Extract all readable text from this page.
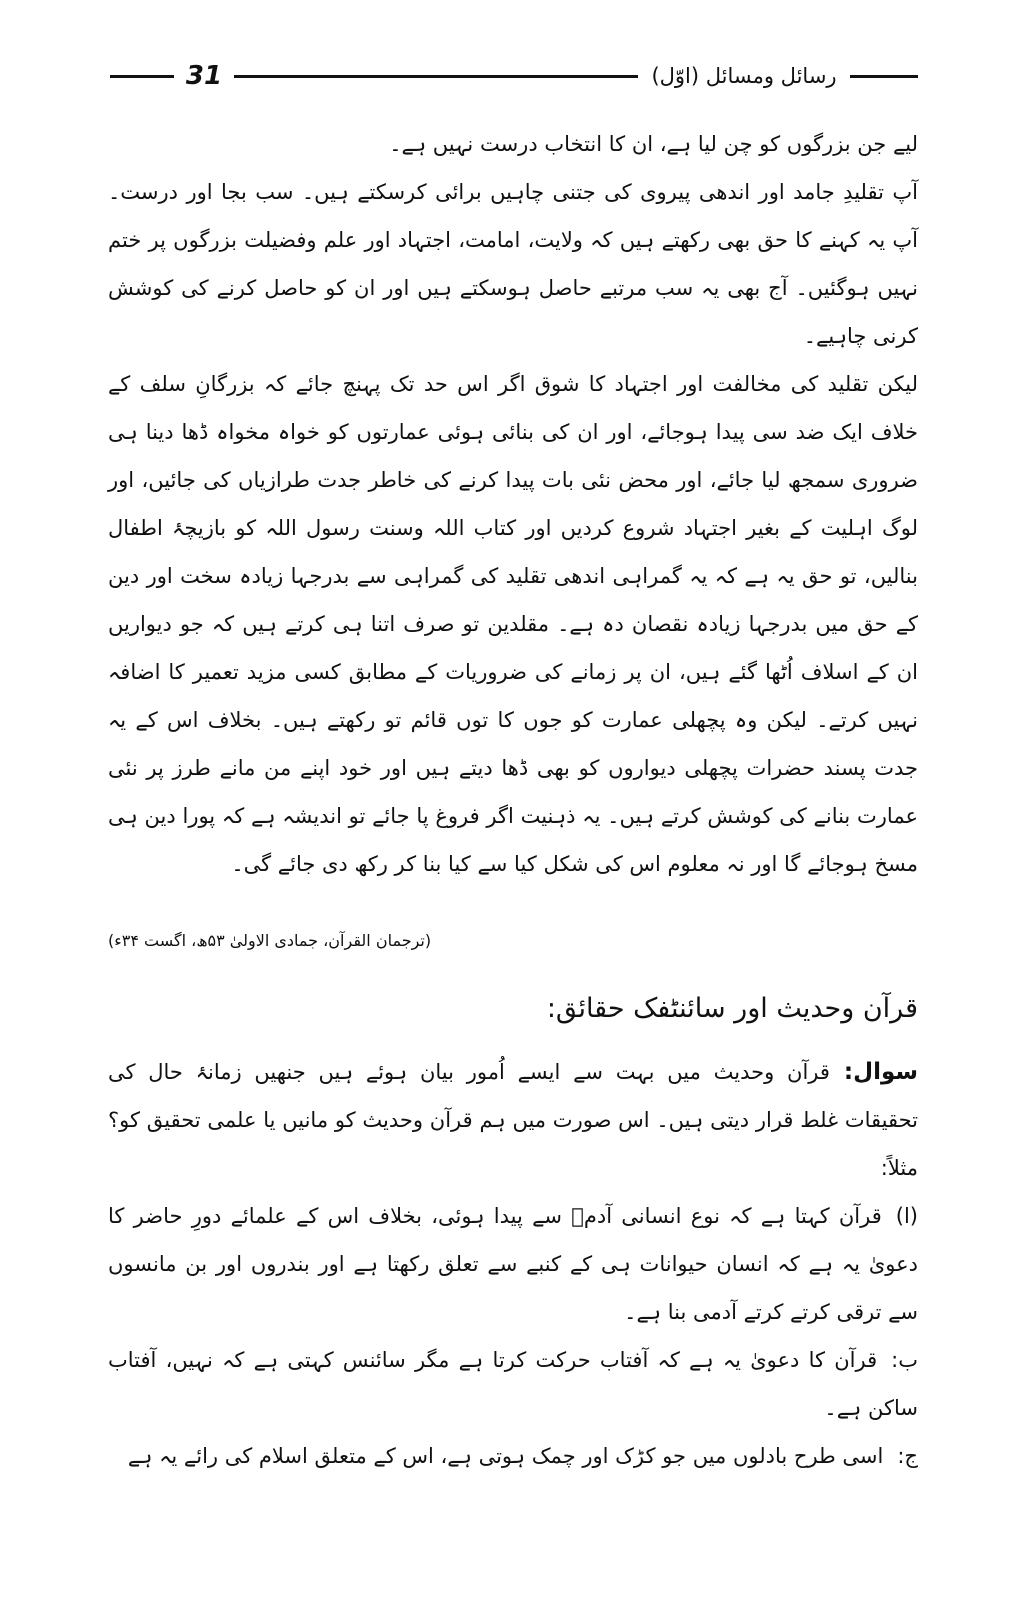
31	رسائل ومسائل (اوّل)

لیے جن بزرگوں کو چن لیا ہے، ان کا انتخاب درست نہیں ہے۔

آپ تقلیدِ جامد اور اندھی پیروی کی جتنی چاہیں برائی کرسکتے ہیں۔ سب بجا اور درست۔ آپ یہ کہنے کا حق بھی رکھتے ہیں کہ ولایت، امامت، اجتہاد اور علم وفضیلت بزرگوں پر ختم نہیں ہوگئیں۔ آج بھی یہ سب مرتبے حاصل ہوسکتے ہیں اور ان کو حاصل کرنے کی کوشش کرنی چاہیے۔

لیکن تقلید کی مخالفت اور اجتہاد کا شوق اگر اس حد تک پہنچ جائے کہ بزرگانِ سلف کے خلاف ایک ضد سی پیدا ہوجائے، اور ان کی بنائی ہوئی عمارتوں کو خواہ مخواہ ڈھا دینا ہی ضروری سمجھ لیا جائے، اور محض نئی بات پیدا کرنے کی خاطر جدت طرازیاں کی جائیں، اور لوگ اہلیت کے بغیر اجتہاد شروع کردیں اور کتاب اللہ وسنت رسول اللہ کو بازیچۂ اطفال بنالیں، تو حق یہ ہے کہ یہ گمراہی اندھی تقلید کی گمراہی سے بدرجہا زیادہ سخت اور دین کے حق میں بدرجہا زیادہ نقصان دہ ہے۔ مقلدین تو صرف اتنا ہی کرتے ہیں کہ جو دیواریں ان کے اسلاف اُٹھا گئے ہیں، ان پر زمانے کی ضروریات کے مطابق کسی مزید تعمیر کا اضافہ نہیں کرتے۔ لیکن وہ پچھلی عمارت کو جوں کا توں قائم تو رکھتے ہیں۔ بخلاف اس کے یہ جدت پسند حضرات پچھلی دیواروں کو بھی ڈھا دیتے ہیں اور خود اپنے من مانے طرز پر نئی عمارت بنانے کی کوشش کرتے ہیں۔ یہ ذہنیت اگر فروغ پا جائے تو اندیشہ ہے کہ پورا دین ہی مسخ ہوجائے گا اور نہ معلوم اس کی شکل کیا سے کیا بنا کر رکھ دی جائے گی۔

(ترجمان القرآن، جمادی الاولیٰ ۵۳ھ، اگست ۳۴ء)
قرآن وحدیث اور سائنٹفک حقائق:

سوال:قرآن وحدیث میں بہت سے ایسے اُمور بیان ہوئے ہیں جنھیں زمانۂ حال کی تحقیقات غلط قرار دیتی ہیں۔ اس صورت میں ہم قرآن وحدیث کو مانیں یا علمی تحقیق کو؟ مثلاً:

(ا)قرآن کہتا ہے کہ نوع انسانی آدمؑ سے پیدا ہوئی، بخلاف اس کے علمائے دورِ حاضر کا دعویٰ یہ ہے کہ انسان حیوانات ہی کے کنبے سے تعلق رکھتا ہے اور بندروں اور بن مانسوں سے ترقی کرتے کرتے آدمی بنا ہے۔

ب:قرآن کا دعویٰ یہ ہے کہ آفتاب حرکت کرتا ہے مگر سائنس کہتی ہے کہ نہیں، آفتاب ساکن ہے۔

ج:اسی طرح بادلوں میں جو کڑک اور چمک ہوتی ہے، اس کے متعلق اسلام کی رائے یہ ہے
